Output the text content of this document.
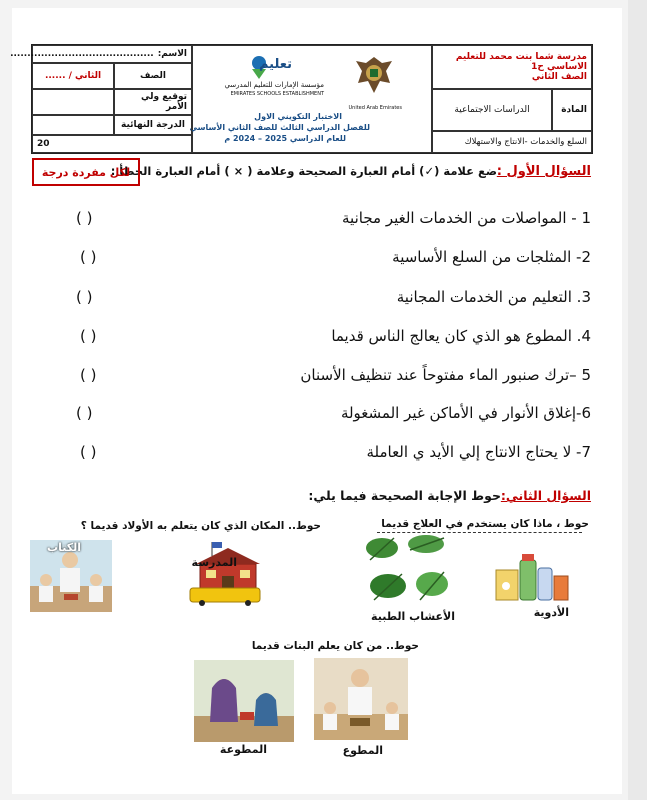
مدرسة شما بنت محمد للتعليم الاساسي ح1
الصف الثاني
المادة
الدراسات الاجتماعية
السلع والخدمات -الانتاج والاستهلاك
United Arab Emirates
تعليم
مؤسسة الإمارات للتعليم المدرسي
EMIRATES SCHOOLS ESTABLISHMENT
الاختبار التكويني الاول
للفصل الدراسي الثالث للصف الثاني الأساسي
للعام الدراسي 2025 – 2024 م
الاسم:
..........................................
الصف
الثاني / ......
توقيع ولي الأمر
الدرجة النهائية
20
السؤال الأول :
ضع علامة (✓) أمام العبارة الصحيحة وعلامة ( × ) أمام العبارة الخطأ :
لكل مفردة درجة
1 - المواصلات من الخدمات الغير مجانية
( )
2- المثلجات من السلع الأساسية
( )
3. التعليم من الخدمات المجانية
( )
4. المطوع هو الذي كان يعالج الناس قديما
( )
5 –ترك صنبور الماء مفتوحاً عند تنظيف الأسنان
( )
6-إغلاق الأنوار في الأماكن غير المشغولة
( )
7- لا يحتاج الانتاج إلي الأيد ي العاملة
( )
السؤال الثاني:
حوط الإجابة الصحيحة فيما يلي:
حوط ، ماذا كان يستخدم في العلاج قديما
حوط.. المكان الذي كان يتعلم به الأولاد قديما ؟
الأدوية
الأعشاب الطبية
المدرسة
الكتاب
حوط.. من كان يعلم البنات قديما
المطوع
المطوعة
